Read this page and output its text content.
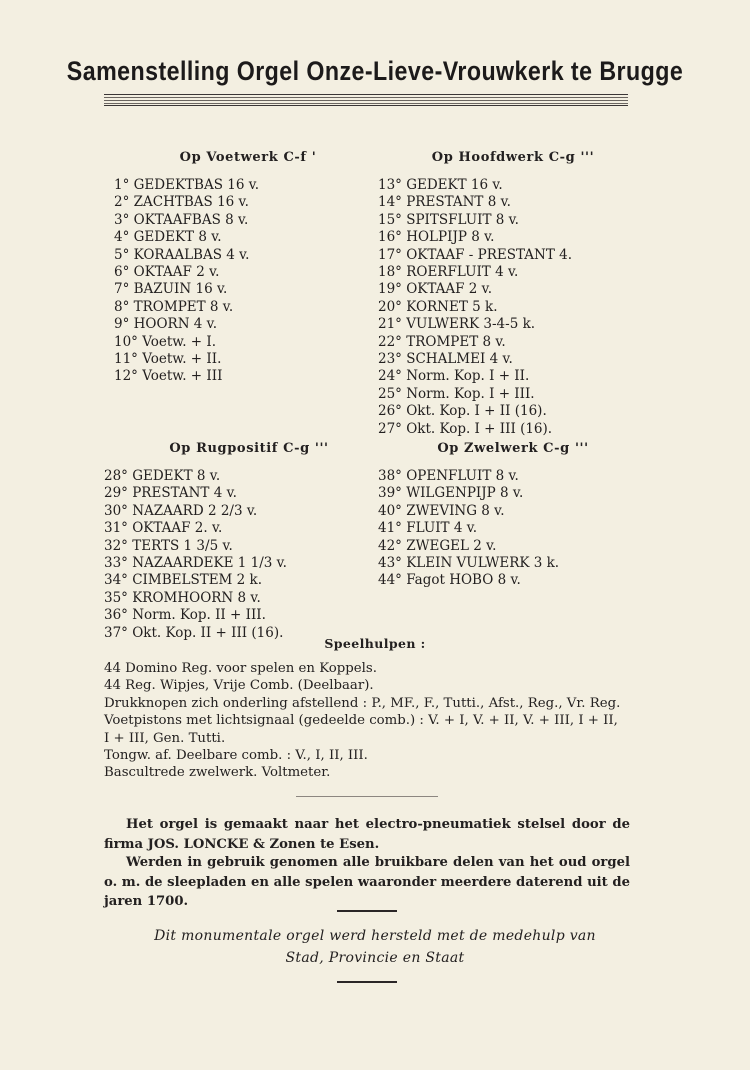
Samenstelling Orgel Onze-Lieve-Vrouwkerk te Brugge
Op Voetwerk C-f '
1° GEDEKTBAS 16 v.
2° ZACHTBAS 16 v.
3° OKTAAFBAS 8 v.
4° GEDEKT 8 v.
5° KORAALBAS 4 v.
6° OKTAAF 2 v.
7° BAZUIN 16 v.
8° TROMPET 8 v.
9° HOORN 4 v.
10° Voetw. + I.
11° Voetw. + II.
12° Voetw. + III
Op Hoofdwerk C-g '''
13° GEDEKT 16 v.
14° PRESTANT 8 v.
15° SPITSFLUIT 8 v.
16° HOLPIJP 8 v.
17° OKTAAF - PRESTANT 4.
18° ROERFLUIT 4 v.
19° OKTAAF 2 v.
20° KORNET 5 k.
21° VULWERK 3-4-5 k.
22° TROMPET 8 v.
23° SCHALMEI 4 v.
24° Norm. Kop. I + II.
25° Norm. Kop. I + III.
26° Okt. Kop. I + II (16).
27° Okt. Kop. I + III (16).
Op Rugpositif C-g '''
28° GEDEKT 8 v.
29° PRESTANT 4 v.
30° NAZAARD 2 2/3 v.
31° OKTAAF 2. v.
32° TERTS 1 3/5 v.
33° NAZAARDEKE 1 1/3 v.
34° CIMBELSTEM 2 k.
35° KROMHOORN 8 v.
36° Norm. Kop. II + III.
37° Okt. Kop. II + III (16).
Op Zwelwerk C-g '''
38° OPENFLUIT 8 v.
39° WILGENPIJP 8 v.
40° ZWEVING 8 v.
41° FLUIT 4 v.
42° ZWEGEL 2 v.
43° KLEIN VULWERK 3 k.
44° Fagot HOBO 8 v.
Speelhulpen :
44 Domino Reg. voor spelen en Koppels.
44 Reg. Wipjes, Vrije Comb. (Deelbaar).
Drukknopen zich onderling afstellend : P., MF., F., Tutti., Afst., Reg., Vr. Reg.
Voetpistons met lichtsignaal (gedeelde comb.) : V. + I, V. + II, V. + III, I + II,
I + III, Gen. Tutti.
Tongw. af. Deelbare comb. : V., I, II, III.
Bascultrede zwelwerk. Voltmeter.
Het orgel is gemaakt naar het electro-pneumatiek stelsel door de firma JOS. LONCKE & Zonen te Esen.
Werden in gebruik genomen alle bruikbare delen van het oud orgel o. m. de sleepladen en alle spelen waaronder meerdere daterend uit de jaren 1700.
Dit monumentale orgel werd hersteld met de medehulp van
Stad, Provincie en Staat
